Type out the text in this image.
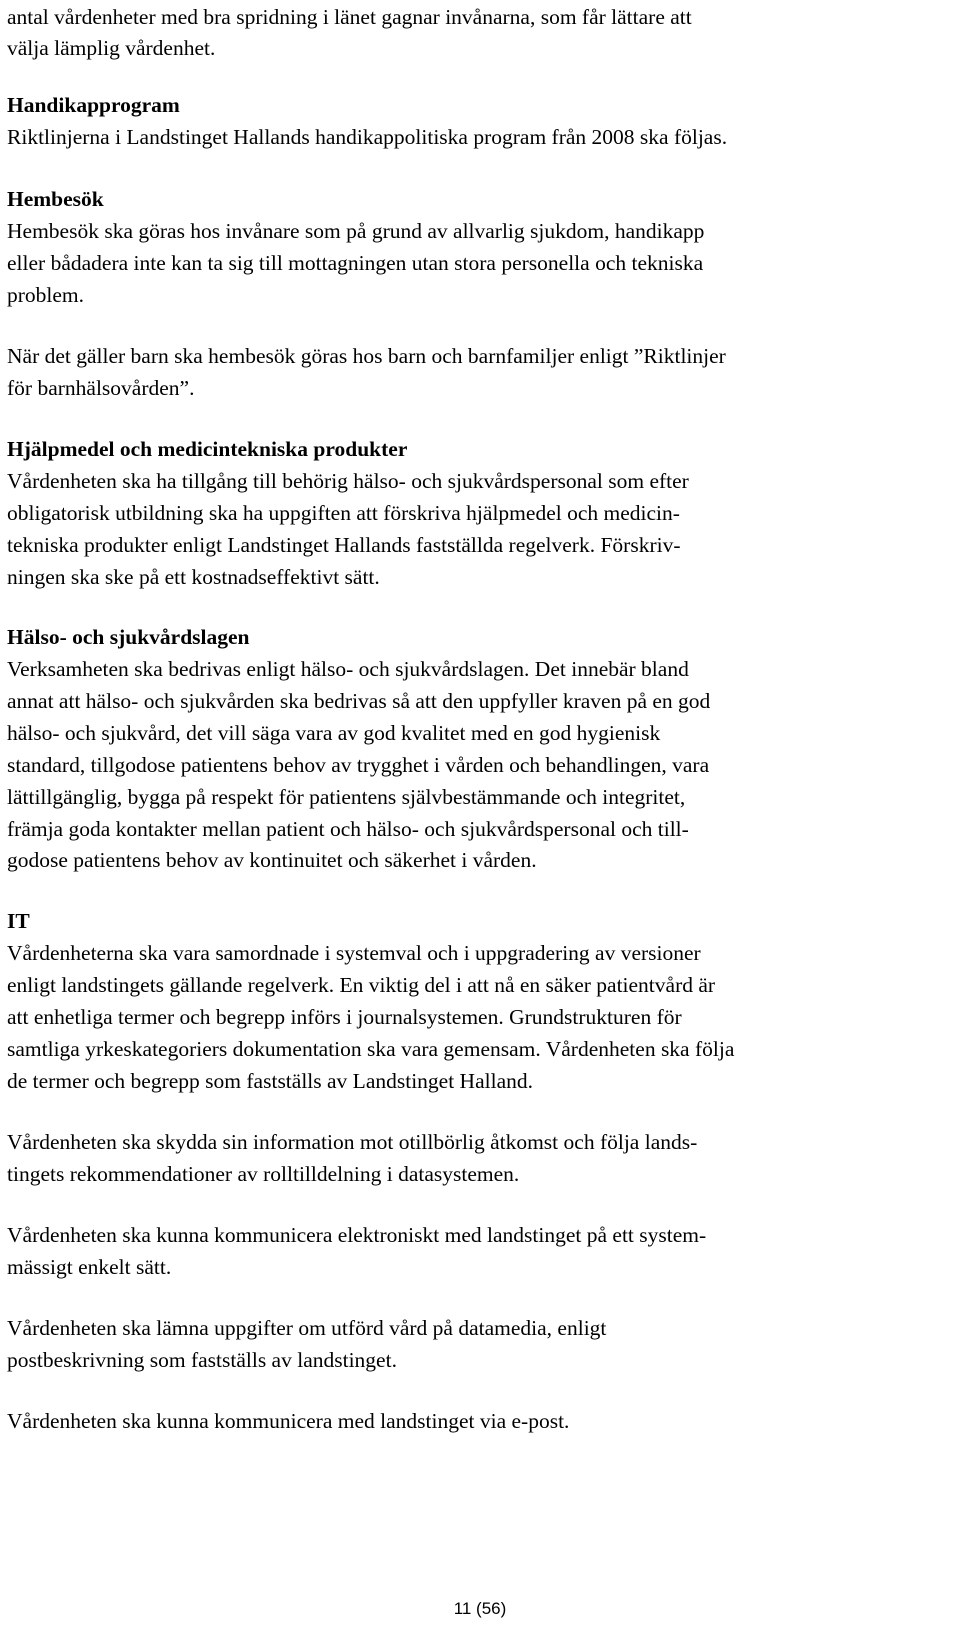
antal vårdenheter med bra spridning i länet gagnar invånarna, som får lättare att
välja lämplig vårdenhet.
Handikapprogram
Riktlinjerna i Landstinget Hallands handikappolitiska program från 2008 ska följas.
Hembesök
Hembesök ska göras hos invånare som på grund av allvarlig sjukdom, handikapp
eller bådadera inte kan ta sig till mottagningen utan stora personella och tekniska
problem.
När det gäller barn ska hembesök göras hos barn och barnfamiljer enligt ”Riktlinjer
för barnhälsovården”.
Hjälpmedel och medicintekniska produkter
Vårdenheten ska ha tillgång till behörig hälso- och sjukvårdspersonal som efter
obligatorisk utbildning ska ha uppgiften att förskriva hjälpmedel och medicin-
tekniska produkter enligt Landstinget Hallands fastställda regelverk. Förskriv-
ningen ska ske på ett kostnadseffektivt sätt.
Hälso- och sjukvårdslagen
Verksamheten ska bedrivas enligt hälso- och sjukvårdslagen. Det innebär bland
annat att hälso- och sjukvården ska bedrivas så att den uppfyller kraven på en god
hälso- och sjukvård, det vill säga vara av god kvalitet med en god hygienisk
standard, tillgodose patientens behov av trygghet i vården och behandlingen, vara
lättillgänglig, bygga på respekt för patientens självbestämmande och integritet,
främja goda kontakter mellan patient och hälso- och sjukvårdspersonal och till-
godose patientens behov av kontinuitet och säkerhet i vården.
IT
Vårdenheterna ska vara samordnade i systemval och i uppgradering av versioner
enligt landstingets gällande regelverk. En viktig del i att nå en säker patientvård är
att enhetliga termer och begrepp införs i journalsystemen. Grundstrukturen för
samtliga yrkeskategoriers dokumentation ska vara gemensam. Vårdenheten ska följa
de termer och begrepp som fastställs av Landstinget Halland.
Vårdenheten ska skydda sin information mot otillbörlig åtkomst och följa lands-
tingets rekommendationer av rolltilldelning i datasystemen.
Vårdenheten ska kunna kommunicera elektroniskt med landstinget på ett system-
mässigt enkelt sätt.
Vårdenheten ska lämna uppgifter om utförd vård på datamedia, enligt
postbeskrivning som fastställs av landstinget.
Vårdenheten ska kunna kommunicera med landstinget via e-post.
11 (56)
